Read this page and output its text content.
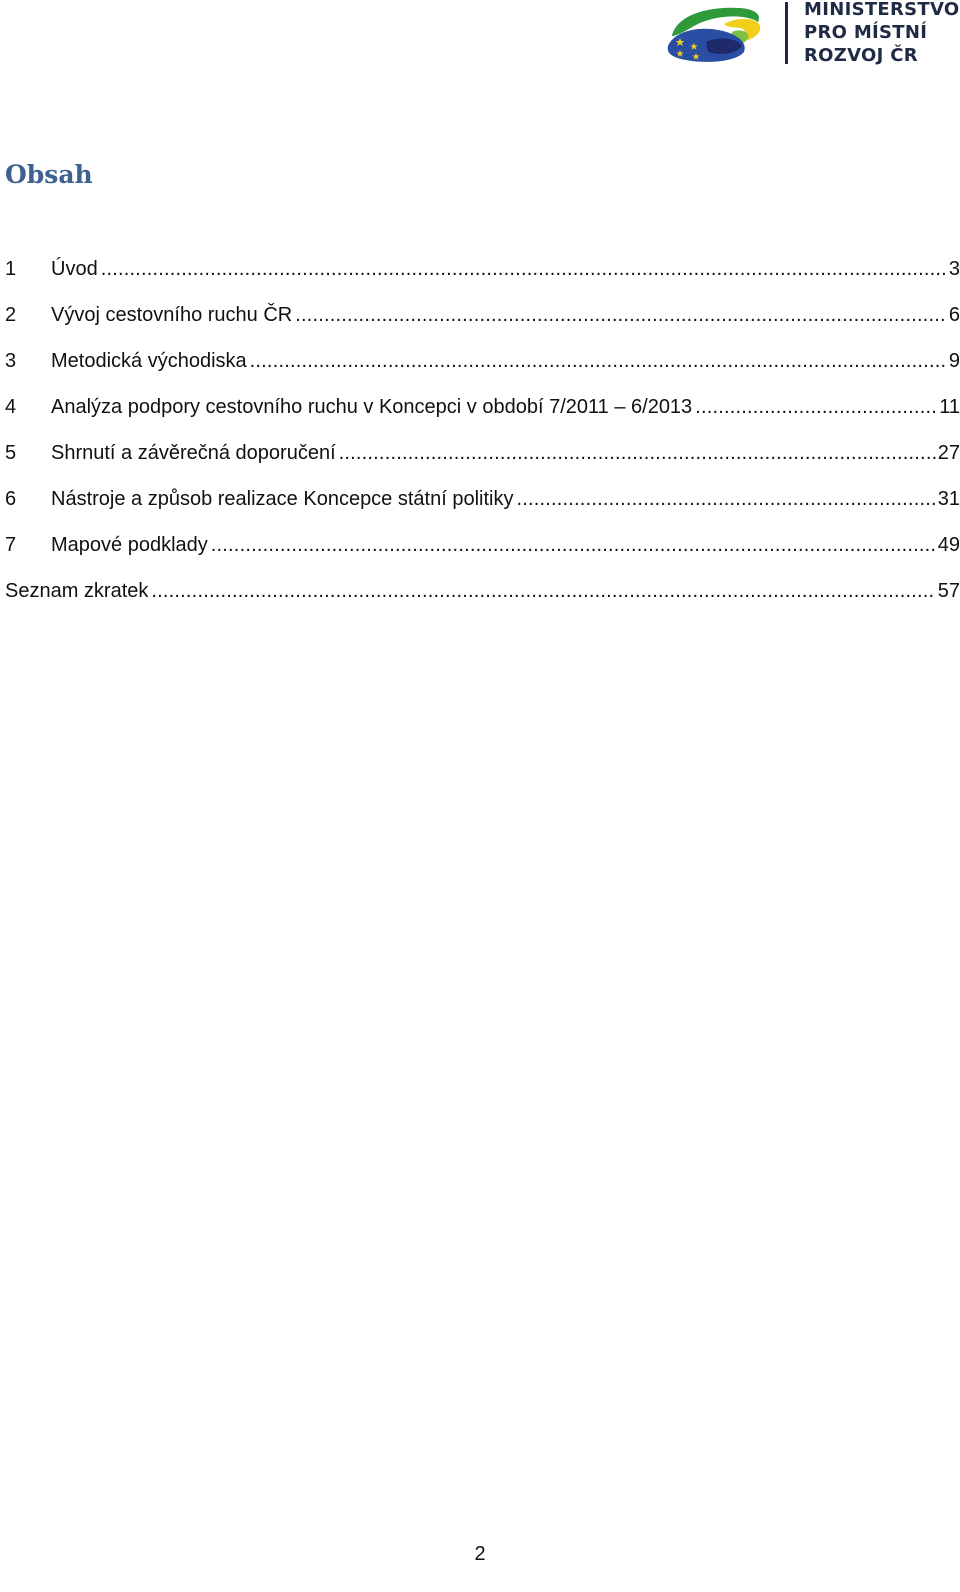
MINISTERSTVO
PRO MÍSTNÍ
ROZVOJ ČR
Obsah
1	Úvod .....	3
2	Vývoj cestovního ruchu ČR .....	6
3	Metodická východiska .....	9
4	Analýza podpory cestovního ruchu v Koncepci v období 7/2011 – 6/2013 .....	11
5	Shrnutí a závěrečná doporučení .....	27
6	Nástroje a způsob realizace Koncepce státní politiky .....	31
7	Mapové podklady .....	49
Seznam zkratek .....	57
2
